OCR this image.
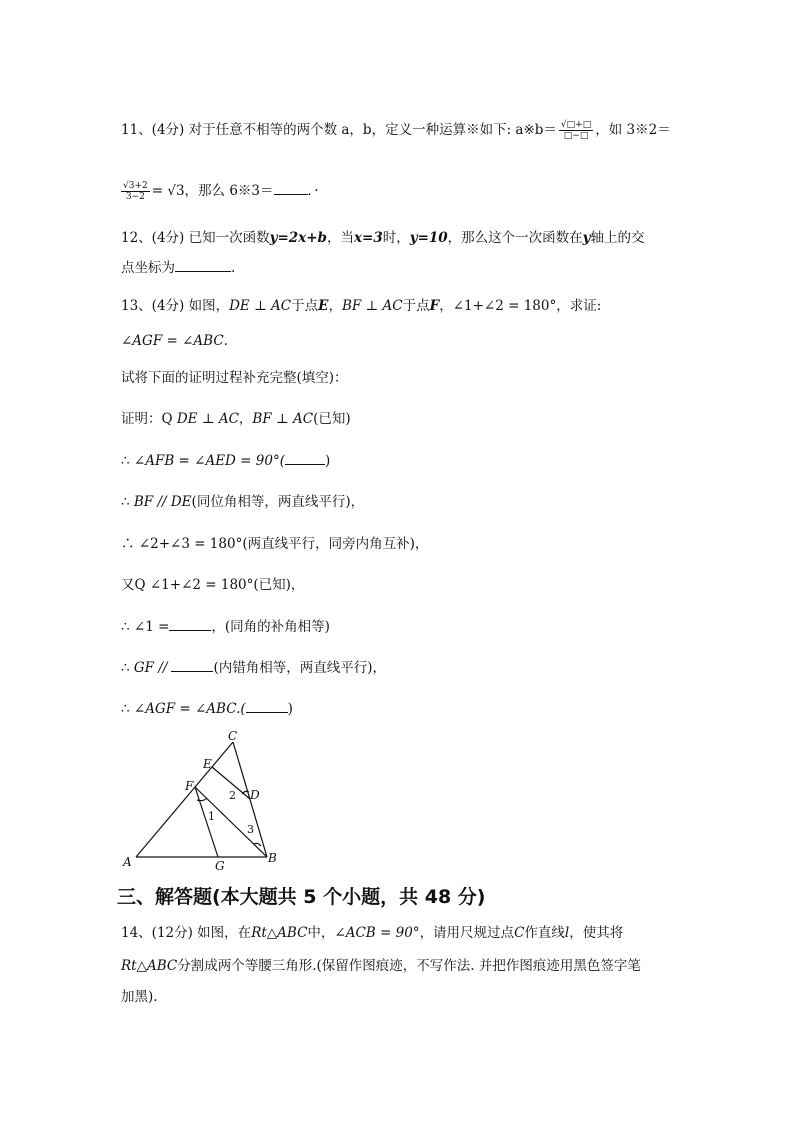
11、(4分) 对于任意不相等的两个数 a，b，定义一种运算※如下: a※b＝ $\frac{√□+□}{□-□}$ ，如 3※2＝
$\frac{√3+2}{3-2} = √3$，那么 6※3＝	．·
12、(4分) 已知一次函数y=2x+b，当x=3时，y=10，那么这个一次函数在y轴上的交
点坐标为	.
13、(4分) 如图，DE ⊥ AC于点E，BF ⊥ AC于点F，∠1+∠2 = 180°，求证:
∠AGF = ∠ABC.
试将下面的证明过程补充完整(填空)：
证明：Q DE ⊥ AC，BF ⊥ AC(已知)
∴ ∠AFB = ∠AED = 90°(	)
∴ BF // DE(同位角相等，两直线平行)，
∴ ∠2+∠3 = 180°(两直线平行，同旁内角互补)，
又Q ∠1+∠2 = 180°(已知)，
∴ ∠1 =	，(同角的补角相等)
∴ GF //	(内错角相等，两直线平行)，
∴ ∠AGF = ∠ABC.(	)
C
E
F
D
A	G
B
1
2
3
三、解答题(本大题共 5 个小题，共 48 分)
14、(12分) 如图，在Rt△ABC中，∠ACB = 90°，请用尺规过点C作直线l，使其将
Rt△ABC分割成两个等腰三角形.(保留作图痕迹，不写作法. 并把作图痕迹用黑色签字笔
加黑).
